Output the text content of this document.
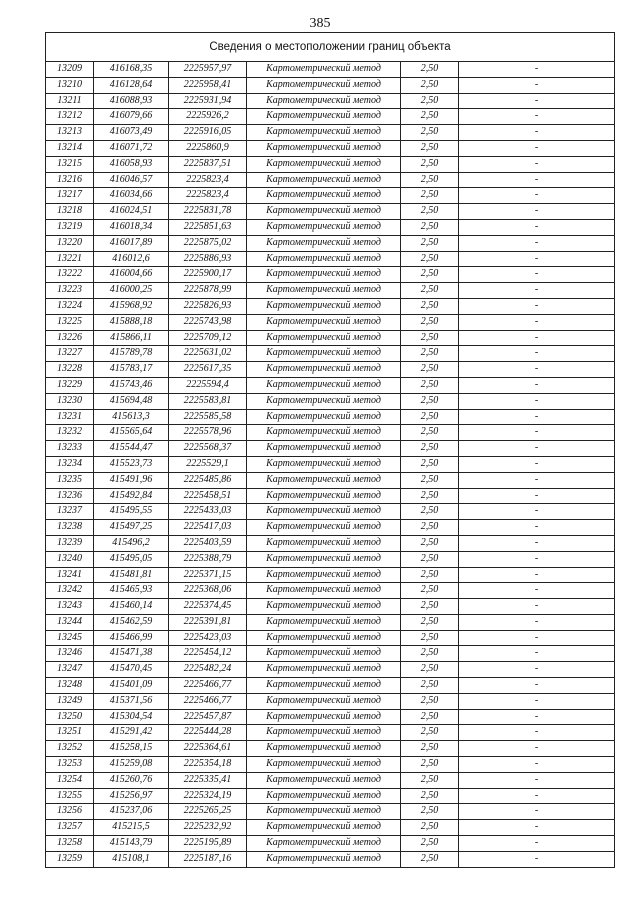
385
Сведения о местоположении границ объекта					
13209	416168,35	2225957,97	Картометрический метод	2,50	-
13210	416128,64	2225958,41	Картометрический метод	2,50	-
13211	416088,93	2225931,94	Картометрический метод	2,50	-
13212	416079,66	2225926,2	Картометрический метод	2,50	-
13213	416073,49	2225916,05	Картометрический метод	2,50	-
13214	416071,72	2225860,9	Картометрический метод	2,50	-
13215	416058,93	2225837,51	Картометрический метод	2,50	-
13216	416046,57	2225823,4	Картометрический метод	2,50	-
13217	416034,66	2225823,4	Картометрический метод	2,50	-
13218	416024,51	2225831,78	Картометрический метод	2,50	-
13219	416018,34	2225851,63	Картометрический метод	2,50	-
13220	416017,89	2225875,02	Картометрический метод	2,50	-
13221	416012,6	2225886,93	Картометрический метод	2,50	-
13222	416004,66	2225900,17	Картометрический метод	2,50	-
13223	416000,25	2225878,99	Картометрический метод	2,50	-
13224	415968,92	2225826,93	Картометрический метод	2,50	-
13225	415888,18	2225743,98	Картометрический метод	2,50	-
13226	415866,11	2225709,12	Картометрический метод	2,50	-
13227	415789,78	2225631,02	Картометрический метод	2,50	-
13228	415783,17	2225617,35	Картометрический метод	2,50	-
13229	415743,46	2225594,4	Картометрический метод	2,50	-
13230	415694,48	2225583,81	Картометрический метод	2,50	-
13231	415613,3	2225585,58	Картометрический метод	2,50	-
13232	415565,64	2225578,96	Картометрический метод	2,50	-
13233	415544,47	2225568,37	Картометрический метод	2,50	-
13234	415523,73	2225529,1	Картометрический метод	2,50	-
13235	415491,96	2225485,86	Картометрический метод	2,50	-
13236	415492,84	2225458,51	Картометрический метод	2,50	-
13237	415495,55	2225433,03	Картометрический метод	2,50	-
13238	415497,25	2225417,03	Картометрический метод	2,50	-
13239	415496,2	2225403,59	Картометрический метод	2,50	-
13240	415495,05	2225388,79	Картометрический метод	2,50	-
13241	415481,81	2225371,15	Картометрический метод	2,50	-
13242	415465,93	2225368,06	Картометрический метод	2,50	-
13243	415460,14	2225374,45	Картометрический метод	2,50	-
13244	415462,59	2225391,81	Картометрический метод	2,50	-
13245	415466,99	2225423,03	Картометрический метод	2,50	-
13246	415471,38	2225454,12	Картометрический метод	2,50	-
13247	415470,45	2225482,24	Картометрический метод	2,50	-
13248	415401,09	2225466,77	Картометрический метод	2,50	-
13249	415371,56	2225466,77	Картометрический метод	2,50	-
13250	415304,54	2225457,87	Картометрический метод	2,50	-
13251	415291,42	2225444,28	Картометрический метод	2,50	-
13252	415258,15	2225364,61	Картометрический метод	2,50	-
13253	415259,08	2225354,18	Картометрический метод	2,50	-
13254	415260,76	2225335,41	Картометрический метод	2,50	-
13255	415256,97	2225324,19	Картометрический метод	2,50	-
13256	415237,06	2225265,25	Картометрический метод	2,50	-
13257	415215,5	2225232,92	Картометрический метод	2,50	-
13258	415143,79	2225195,89	Картометрический метод	2,50	-
13259	415108,1	2225187,16	Картометрический метод	2,50	-
